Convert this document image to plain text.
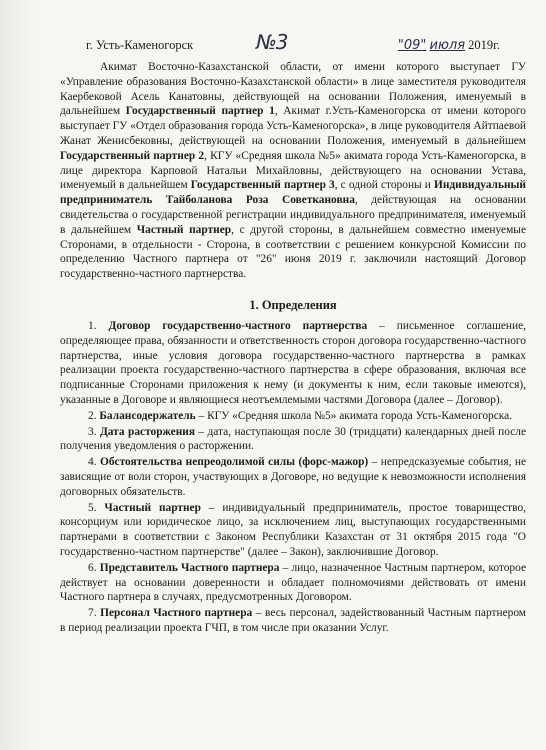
г. Усть-Каменогорск	№3	"09" июля 2019г.

Акимат Восточно-Казахстанской области, от имени которого выступает ГУ «Управление образования Восточно-Казахстанской области» в лице заместителя руководителя Каербековой Асель Канатовны, действующей на основании Положения, именуемый в дальнейшем Государственный партнер 1, Акимат г.Усть-Каменогорска от имени которого выступает ГУ «Отдел образования города Усть-Каменогорска», в лице руководителя Айтпаевой Жанат Женисбековны, действующей на основании Положения, именуемый в дальнейшем Государственный партнер 2, КГУ «Средняя школа №5» акимата города Усть-Каменогорска, в лице директора Карповой Натальи Михайловны, действующего на основании Устава, именуемый в дальнейшем Государственный партнер 3, с одной стороны и Индивидуальный предприниматель Тайболанова Роза Советкановна, действующая на основании свидетельства о государственной регистрации индивидуального предпринимателя, именуемый в дальнейшем Частный партнер, с другой стороны, в дальнейшем совместно именуемые Сторонами, в отдельности - Сторона, в соответствии с решением конкурсной Комиссии по определению Частного партнера от "26" июня 2019 г. заключили настоящий Договор государственно-частного партнерства.

1. Определения

1. Договор государственно-частного партнерства – письменное соглашение, определяющее права, обязанности и ответственность сторон договора государственно-частного партнерства, иные условия договора государственно-частного партнерства в рамках реализации проекта государственно-частного партнерства в сфере образования, включая все подписанные Сторонами приложения к нему (и документы к ним, если таковые имеются), указанные в Договоре и являющиеся неотъемлемыми частями Договора (далее – Договор).

2. Балансодержатель – КГУ «Средняя школа №5» акимата города Усть-Каменогорска.

3. Дата расторжения – дата, наступающая после 30 (тридцати) календарных дней после получения уведомления о расторжении.

4. Обстоятельства непреодолимой силы (форс-мажор) – непредсказуемые события, не зависящие от воли сторон, участвующих в Договоре, но ведущие к невозможности исполнения договорных обязательств.

5. Частный партнер – индивидуальный предприниматель, простое товарищество, консорциум или юридическое лицо, за исключением лиц, выступающих государственными партнерами в соответствии с Законом Республики Казахстан от 31 октября 2015 года "О государственно-частном партнерстве" (далее – Закон), заключившие Договор.

6. Представитель Частного партнера – лицо, назначенное Частным партнером, которое действует на основании доверенности и обладает полномочиями действовать от имени Частного партнера в случаях, предусмотренных Договором.

7. Персонал Частного партнера – весь персонал, задействованный Частным партнером в период реализации проекта ГЧП, в том числе при оказании Услуг.
